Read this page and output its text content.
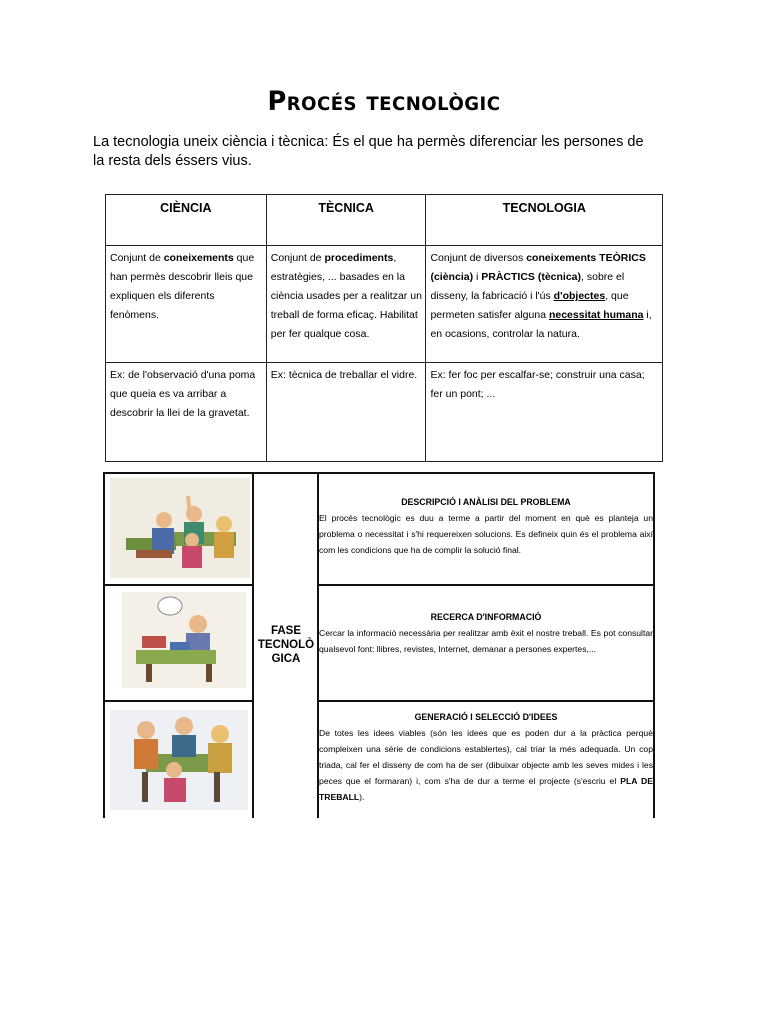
Procés tecnològic
La tecnologia uneix ciència i tècnica: És el que ha permès diferenciar les persones de la resta dels éssers vius.
CIÈNCIA	TÈCNICA	TECNOLOGIA
Conjunt de coneixements que han permès descobrir lleis que expliquen els diferents fenòmens.	Conjunt de procediments, estratègies, ... basades en la ciència usades per a realitzar un treball de forma eficaç. Habilitat per fer qualque cosa.	Conjunt de diversos coneixements TEÒRICS (ciència) i PRÀCTICS (tècnica), sobre el disseny, la fabricació i l'ús d'objectes, que permeten satisfer alguna necessitat humana i, en ocasions, controlar la natura.
Ex: de l'observació d'una poma que queia es va arribar a descobrir la llei de la gravetat.	Ex: tècnica de treballar el vidre.	Ex: fer foc per escalfar-se; construir una casa; fer un pont; ...
FASE
TECNOLÒ
GICA
DESCRIPCIÓ I ANÀLISI DEL PROBLEMA
El procés tecnològic es duu a terme a partir del moment en què es planteja un problema o necessitat i s'hi requereixen solucions. Es defineix quin és el problema així com les condicions que ha de complir la solució final.
RECERCA D'INFORMACIÓ
Cercar la informació necessària per realitzar amb èxit el nostre treball. Es pot consultar qualsevol font: llibres, revistes, Internet, demanar a persones expertes,...
GENERACIÓ I SELECCIÓ D'IDEES
De totes les idees viables (són les idees que es poden dur a la pràctica perquè compleixen una sèrie de condicions establertes), cal triar la més adequada. Un cop triada, cal fer el disseny de com ha de ser (dibuixar objecte amb les seves mides i les peces que el formaran) i, com s'ha de dur a terme el projecte (s'escriu el PLA DE TREBALL).
